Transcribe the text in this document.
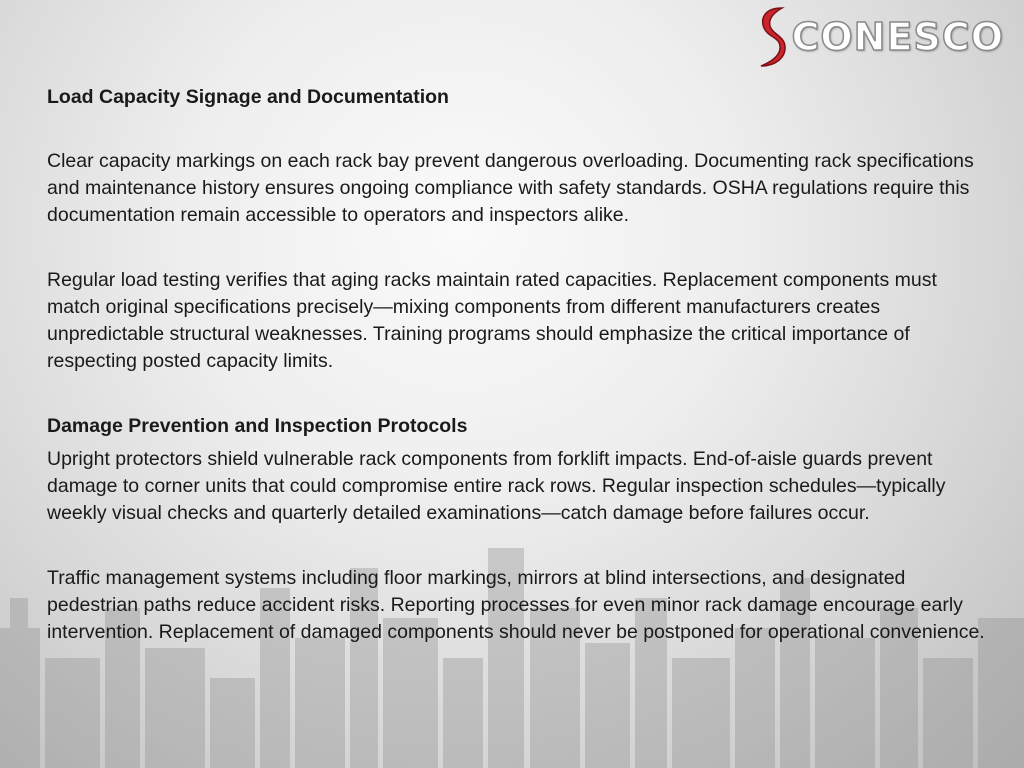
CONESCO
Load Capacity Signage and Documentation

Clear capacity markings on each rack bay prevent dangerous overloading. Documenting rack specifications and maintenance history ensures ongoing compliance with safety standards. OSHA regulations require this documentation remain accessible to operators and inspectors alike.

Regular load testing verifies that aging racks maintain rated capacities. Replacement components must match original specifications precisely—mixing components from different manufacturers creates unpredictable structural weaknesses. Training programs should emphasize the critical importance of respecting posted capacity limits.

Damage Prevention and Inspection Protocols

Upright protectors shield vulnerable rack components from forklift impacts. End-of-aisle guards prevent damage to corner units that could compromise entire rack rows. Regular inspection schedules—typically weekly visual checks and quarterly detailed examinations—catch damage before failures occur.

Traffic management systems including floor markings, mirrors at blind intersections, and designated pedestrian paths reduce accident risks. Reporting processes for even minor rack damage encourage early intervention. Replacement of damaged components should never be postponed for operational convenience.
